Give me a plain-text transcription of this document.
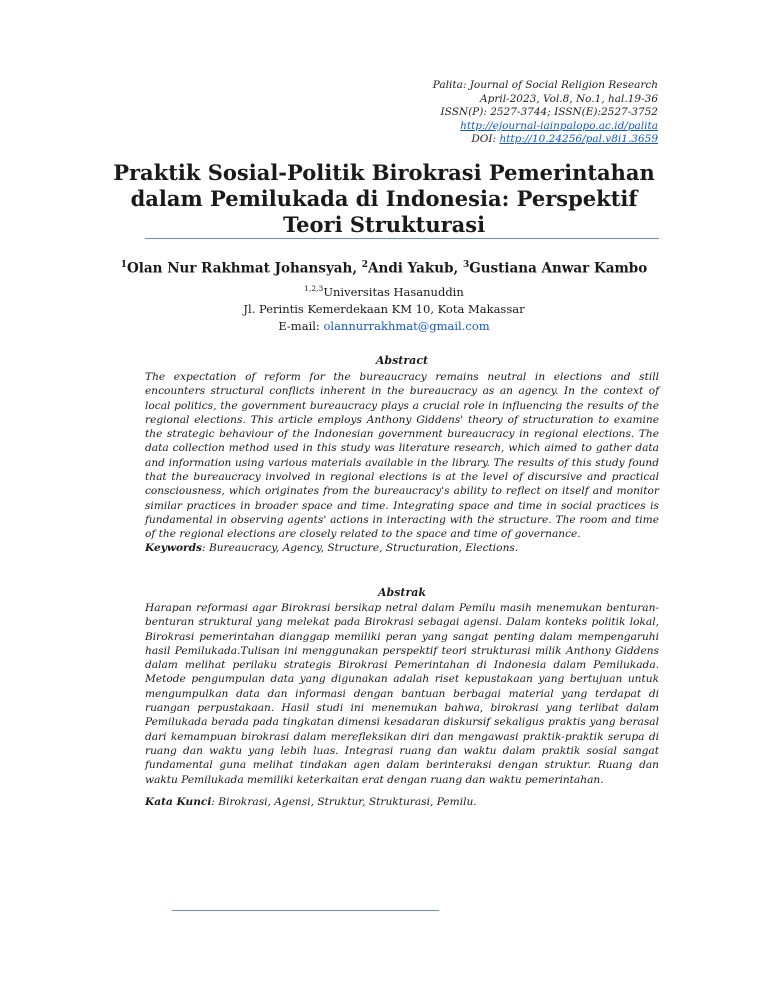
Palita: Journal of Social Religion Research
April-2023, Vol.8, No.1, hal.19-36
ISSN(P): 2527-3744; ISSN(E):2527-3752
http://ejournal-iainpalopo.ac.id/palita
DOI: http://10.24256/pal.v8i1.3659
Praktik Sosial-Politik Birokrasi Pemerintahan dalam Pemilukada di Indonesia: Perspektif Teori Strukturasi
$^1$Olan Nur Rakhmat Johansyah, $^2$Andi Yakub, $^3$Gustiana Anwar Kambo
$^{1,2,3}$Universitas Hasanuddin
Jl. Perintis Kemerdekaan KM 10, Kota Makassar
E-mail: olannurrakhmat@gmail.com
Abstract

The expectation of reform for the bureaucracy remains neutral in elections and still encounters structural conflicts inherent in the bureaucracy as an agency. In the context of local politics, the government bureaucracy plays a crucial role in influencing the results of the regional elections. This article employs Anthony Giddens' theory of structuration to examine the strategic behaviour of the Indonesian government bureaucracy in regional elections. The data collection method used in this study was literature research, which aimed to gather data and information using various materials available in the library. The results of this study found that the bureaucracy involved in regional elections is at the level of discursive and practical consciousness, which originates from the bureaucracy's ability to reflect on itself and monitor similar practices in broader space and time. Integrating space and time in social practices is fundamental in observing agents' actions in interacting with the structure. The room and time of the regional elections are closely related to the space and time of governance.

Keywords: Bureaucracy, Agency, Structure, Structuration, Elections.
Abstrak

Harapan reformasi agar Birokrasi bersikap netral dalam Pemilu masih menemukan benturan-benturan struktural yang melekat pada Birokrasi sebagai agensi. Dalam konteks politik lokal, Birokrasi pemerintahan dianggap memiliki peran yang sangat penting dalam mempengaruhi hasil Pemilukada.Tulisan ini menggunakan perspektif teori strukturasi milik Anthony Giddens dalam melihat perilaku strategis Birokrasi Pemerintahan di Indonesia dalam Pemilukada. Metode pengumpulan data yang digunakan adalah riset kepustakaan yang bertujuan untuk mengumpulkan data dan informasi dengan bantuan berbagai material yang terdapat di ruangan perpustakaan. Hasil studi ini menemukan bahwa, birokrasi yang terlibat dalam Pemilukada berada pada tingkatan dimensi kesadaran diskursif sekaligus praktis yang berasal dari kemampuan birokrasi dalam merefleksikan diri dan mengawasi praktik-praktik serupa di ruang dan waktu yang lebih luas. Integrasi ruang dan waktu dalam praktik sosial sangat fundamental guna melihat tindakan agen dalam berinteraksi dengan struktur. Ruang dan waktu Pemilukada memiliki keterkaitan erat dengan ruang dan waktu pemerintahan.

Kata Kunci: Birokrasi, Agensi, Struktur, Strukturasi, Pemilu.
